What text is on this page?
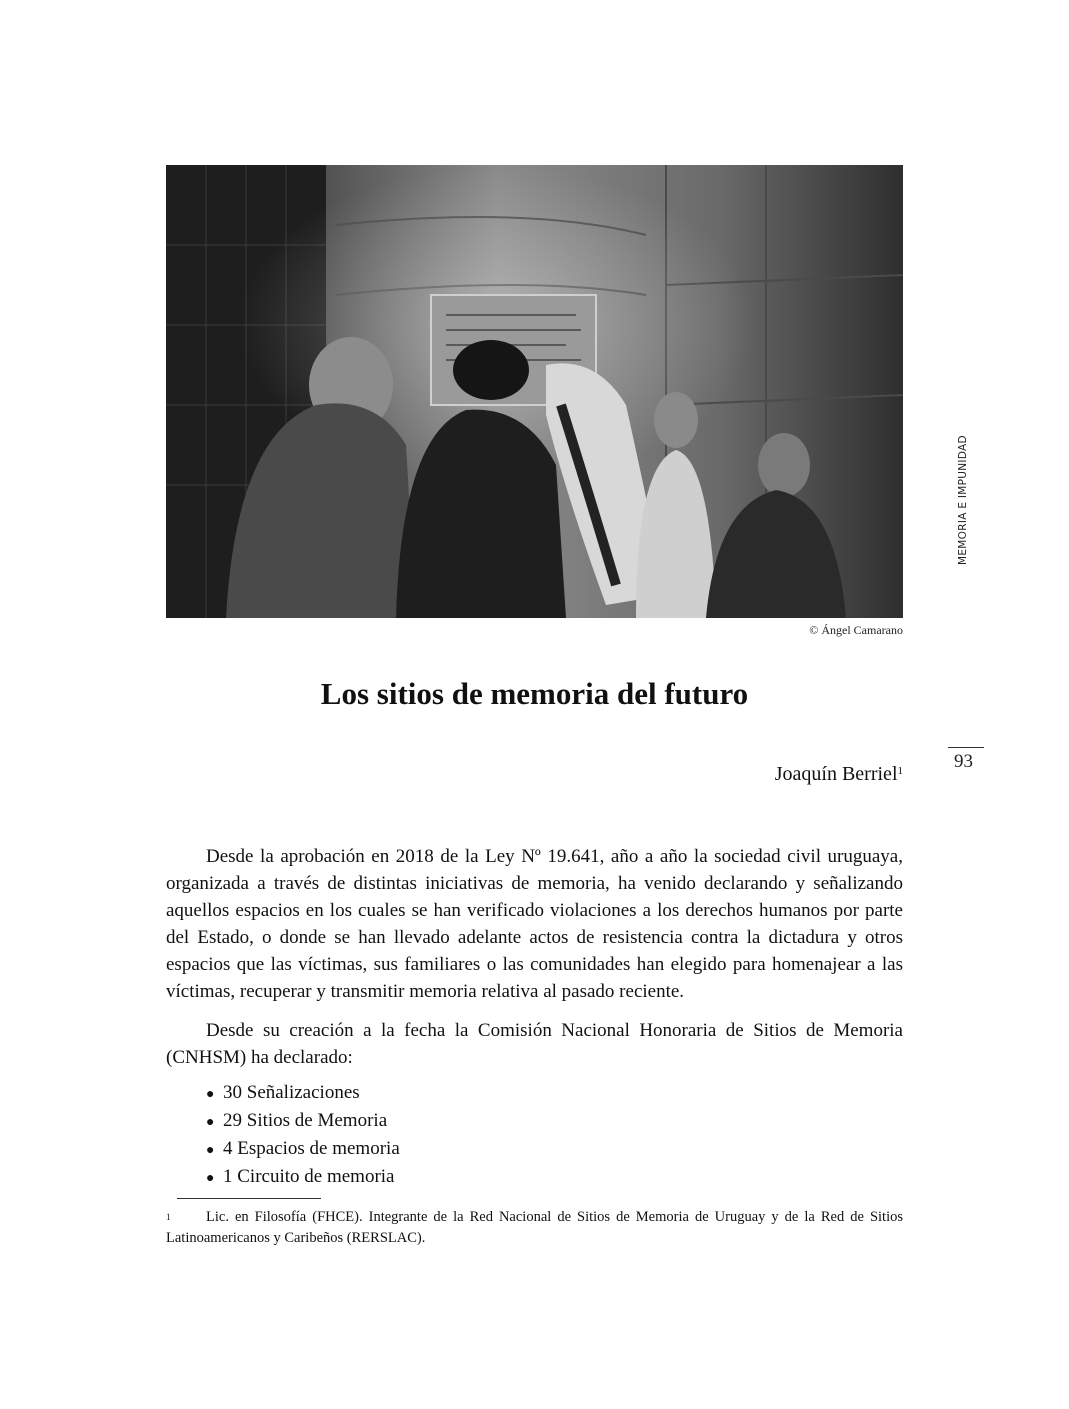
© Ángel Camarano
MEMORIA E IMPUNIDAD
93
Los sitios de memoria del futuro
Joaquín Berriel$^1$

Desde la aprobación en 2018 de la Ley Nº 19.641, año a año la sociedad civil uruguaya, organizada a través de distintas iniciativas de memoria, ha venido declarando y señalizando aquellos espacios en los cuales se han verificado violaciones a los derechos humanos por parte del Estado, o donde se han llevado adelante actos de resistencia contra la dictadura y otros espacios que las víctimas, sus familiares o las comunidades han elegido para homenajear a las víctimas, recuperar y transmitir memoria relativa al pasado reciente.

Desde su creación a la fecha la Comisión Nacional Honoraria de Sitios de Memoria (CNHSM) ha declarado:

● 30 Señalizaciones
● 29 Sitios de Memoria
● 4 Espacios de memoria
● 1 Circuito de memoria
1 Lic. en Filosofía (FHCE). Integrante de la Red Nacional de Sitios de Memoria de Uruguay y de la Red de Sitios Latinoamericanos y Caribeños (RERSLAC).
